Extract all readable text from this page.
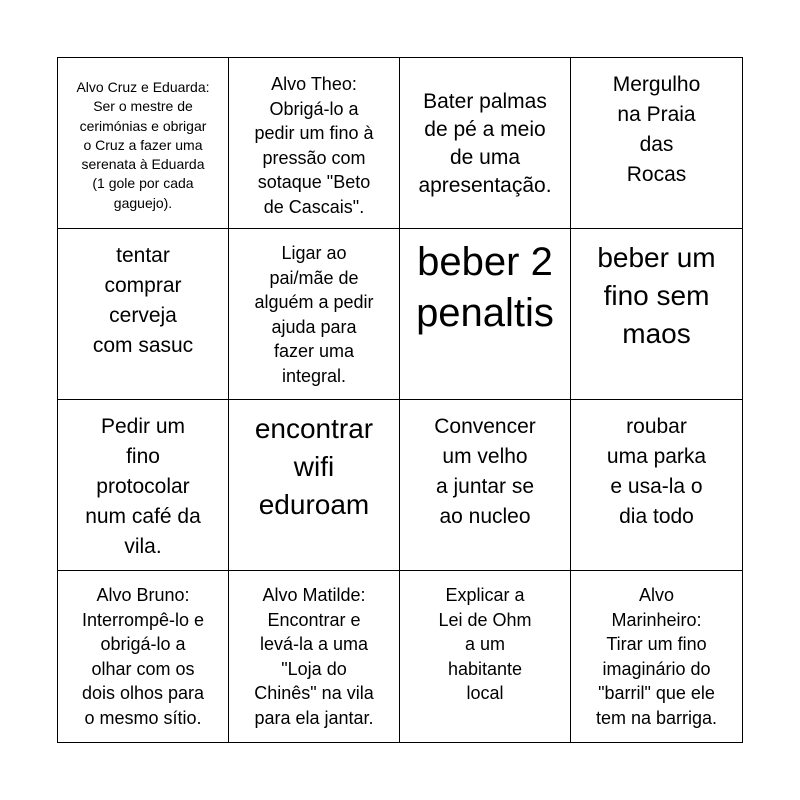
Alvo Cruz e Eduarda:
Ser o mestre de
cerimónias e obrigar
o Cruz a fazer uma
serenata à Eduarda
(1 gole por cada
gaguejo).
Alvo Theo:
Obrigá-lo a
pedir um fino à
pressão com
sotaque "Beto
de Cascais".
Bater palmas
de pé a meio
de uma
apresentação.
Mergulho
na Praia
das
Rocas
tentar
comprar
cerveja
com sasuc
Ligar ao
pai/mãe de
alguém a pedir
ajuda para
fazer uma
integral.
beber 2
penaltis
beber um
fino sem
maos
Pedir um
fino
protocolar
num café da
vila.
encontrar
wifi
eduroam
Convencer
um velho
a juntar se
ao nucleo
roubar
uma parka
e usa-la o
dia todo
Alvo Bruno:
Interrompê-lo e
obrigá-lo a
olhar com os
dois olhos para
o mesmo sítio.
Alvo Matilde:
Encontrar e
levá-la a uma
"Loja do
Chinês" na vila
para ela jantar.
Explicar a
Lei de Ohm
a um
habitante
local
Alvo
Marinheiro:
Tirar um fino
imaginário do
"barril" que ele
tem na barriga.
